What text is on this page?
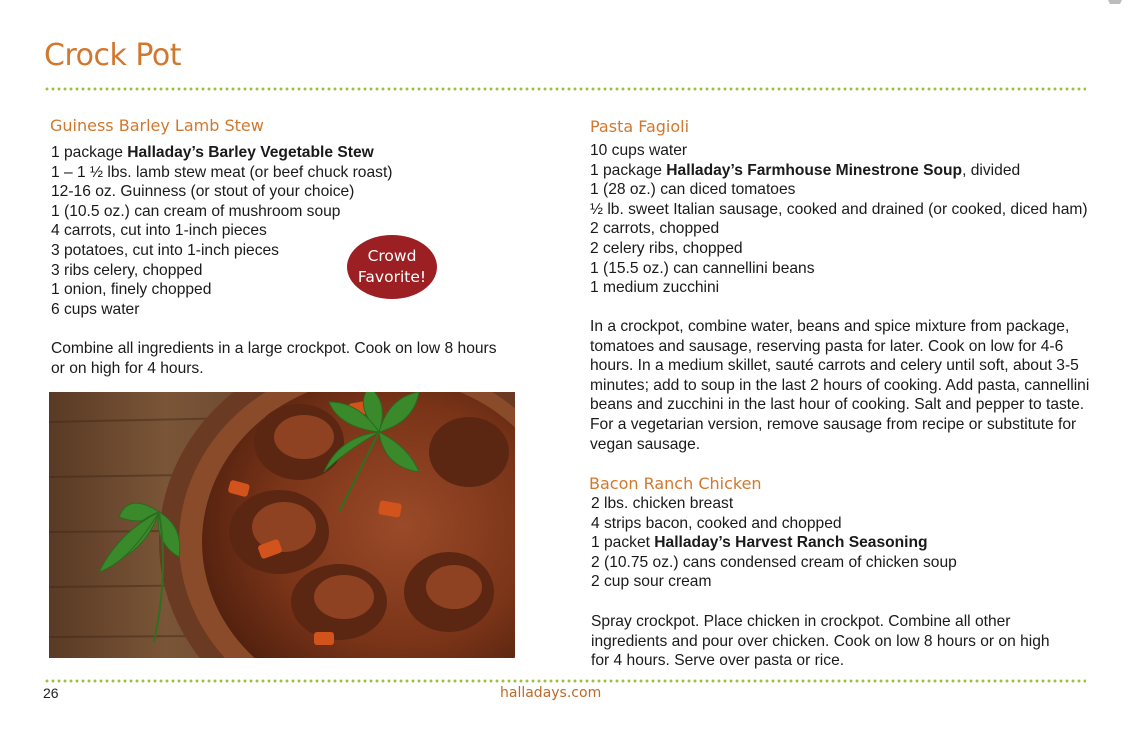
Crock Pot
Guiness Barley Lamb Stew
1 package Halladay’s Barley Vegetable Stew
1 – 1 ½ lbs. lamb stew meat (or beef chuck roast)
12-16 oz. Guinness (or stout of your choice)
1 (10.5 oz.) can cream of mushroom soup
4 carrots, cut into 1-inch pieces
3 potatoes, cut into 1-inch pieces
3 ribs celery, chopped
1 onion, finely chopped
6 cups water

Combine all ingredients in a large crockpot. Cook on low 8 hours
or on high for 4 hours.

Crowd
Favorite!
Pasta Fagioli
10 cups water
1 package Halladay’s Farmhouse Minestrone Soup, divided
1 (28 oz.) can diced tomatoes
½ lb. sweet Italian sausage, cooked and drained (or cooked, diced ham)
2 carrots, chopped
2 celery ribs, chopped
1 (15.5 oz.) can cannellini beans
1 medium zucchini

In a crockpot, combine water, beans and spice mixture from package,
tomatoes and sausage, reserving pasta for later. Cook on low for 4-6
hours. In a medium skillet, sauté carrots and celery until soft, about 3-5
minutes; add to soup in the last 2 hours of cooking. Add pasta, cannellini
beans and zucchini in the last hour of cooking. Salt and pepper to taste.
For a vegetarian version, remove sausage from recipe or substitute for
vegan sausage.

Bacon Ranch Chicken
2 lbs. chicken breast
4 strips bacon, cooked and chopped
1 packet Halladay’s Harvest Ranch Seasoning
2 (10.75 oz.) cans condensed cream of chicken soup
2 cup sour cream

Spray crockpot. Place chicken in crockpot. Combine all other
ingredients and pour over chicken. Cook on low 8 hours or on high
for 4 hours. Serve over pasta or rice.

26	halladays.com
